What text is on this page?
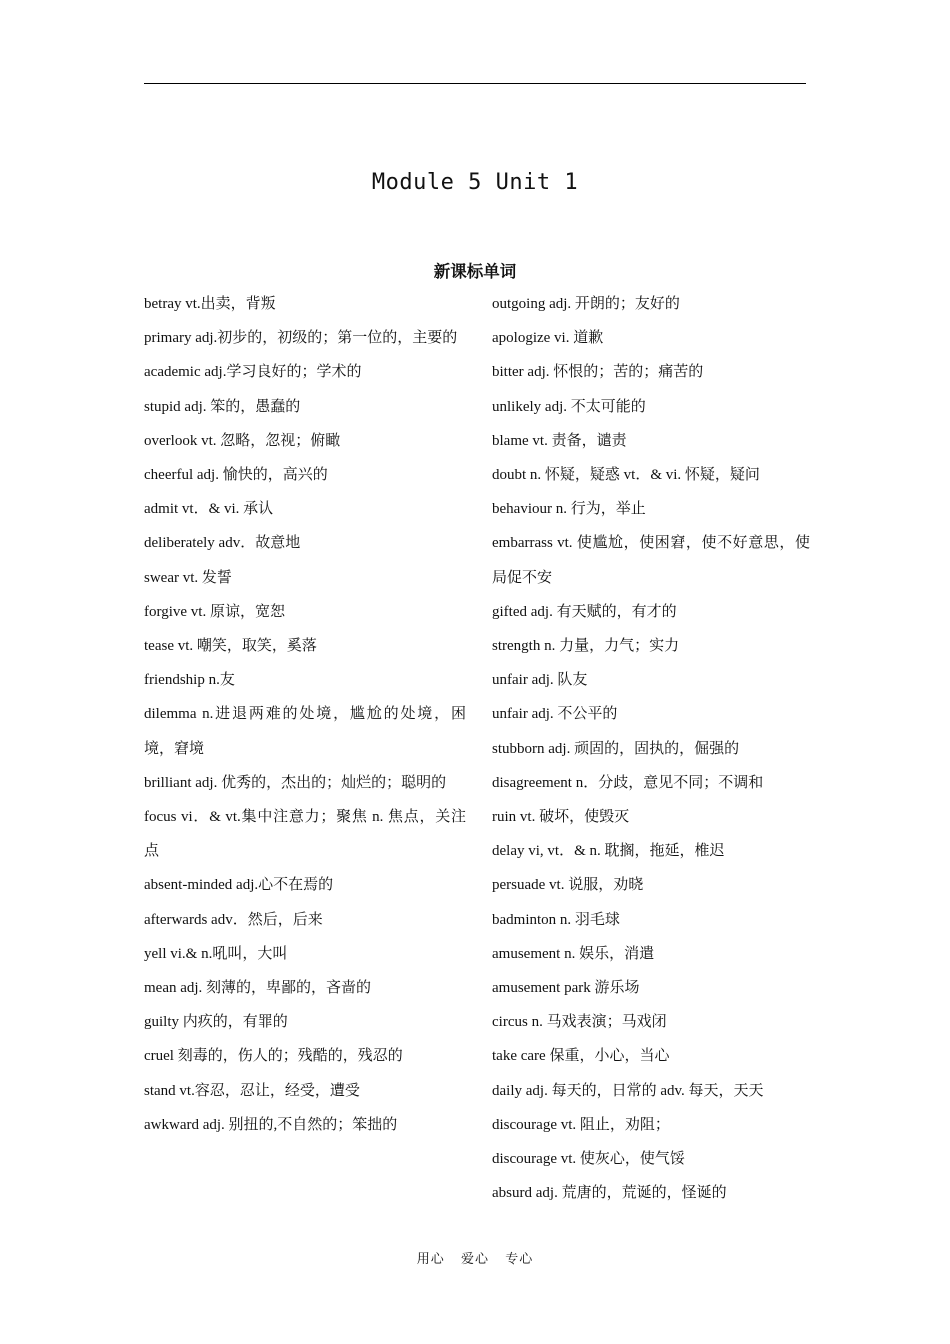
Module 5 Unit 1
新课标单词
betray vt.出卖，背叛
primary adj.初步的，初级的；第一位的，主要的
academic adj.学习良好的；学术的
stupid adj. 笨的，愚蠢的
overlook vt. 忽略，忽视；俯瞰
cheerful adj. 愉快的，高兴的
admit vt．& vi. 承认
deliberately adv．故意地
swear vt. 发誓
forgive vt. 原谅，宽恕
tease vt. 嘲笑，取笑，奚落
friendship n.友
dilemma n.进退两难的处境，尴尬的处境，困境，窘境
brilliant adj. 优秀的，杰出的；灿烂的；聪明的
focus vi．& vt.集中注意力；聚焦 n. 焦点，关注点
absent-minded adj.心不在焉的
afterwards adv．然后，后来
yell vi.& n.吼叫，大叫
mean adj. 刻薄的，卑鄙的，吝啬的
guilty 内疚的，有罪的
cruel 刻毒的，伤人的；残酷的，残忍的
stand vt.容忍，忍让，经受，遭受
awkward adj. 别扭的,不自然的；笨拙的
outgoing adj. 开朗的；友好的
apologize vi. 道歉
bitter adj. 怀恨的；苦的；痛苦的
unlikely adj. 不太可能的
blame vt. 责备，谴责
doubt n. 怀疑，疑惑 vt．& vi. 怀疑，疑问
behaviour n. 行为，举止
embarrass vt. 使尴尬，使困窘，使不好意思，使局促不安
gifted adj. 有天赋的，有才的
strength n. 力量，力气；实力
unfair adj. 队友
unfair adj. 不公平的
stubborn adj. 顽固的，固执的，倔强的
disagreement n．分歧，意见不同；不调和
ruin vt. 破坏，使毁灭
delay vi, vt．& n. 耽搁，拖延，椎迟
persuade vt. 说服，劝晓
badminton n. 羽毛球
amusement n. 娱乐，消遣
amusement park 游乐场
circus n. 马戏表演；马戏闭
take care 保重，小心，当心
daily adj. 每天的，日常的 adv. 每天，天天
discourage vt. 阻止，劝阻；
discourage vt. 使灰心，使气馁
absurd adj. 荒唐的，荒诞的，怪诞的
用心 爱心 专心
